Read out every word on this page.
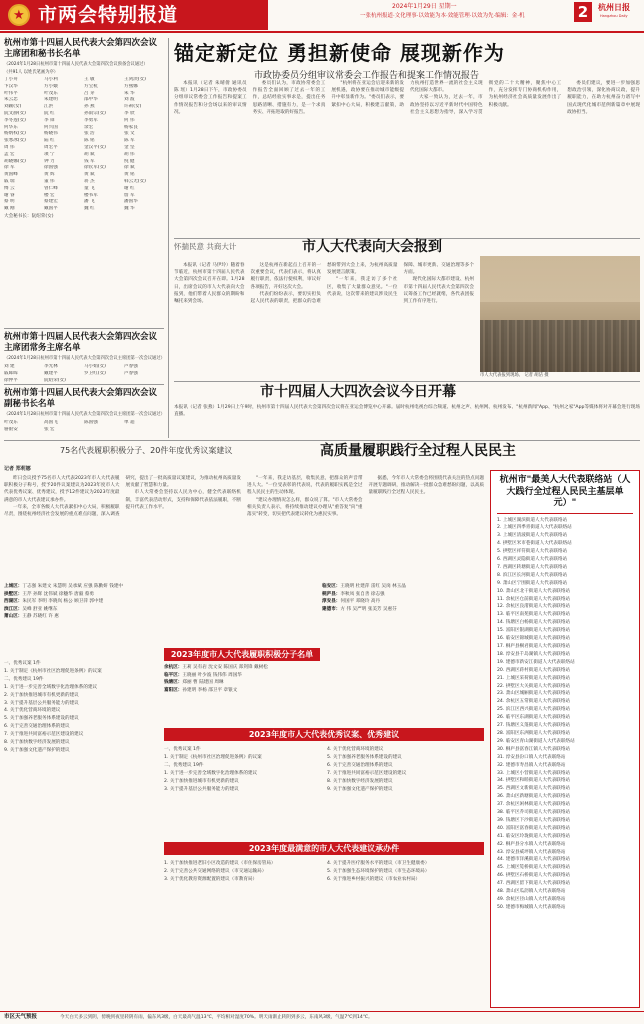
★
市两会特别报道	2024年1月29日 星期一
一张杭州报道·文化理事·以效能为本·效能管理·以效为先·编辑：金·机	2	杭州日报
Hangzhou Daily
杭州市第十四届人民代表大会第四次会议主席团和秘书长名单
（2024年1月28日杭州市第十四届人民代表大会第四次会议预备会议通过）
（共91人 以姓氏笔画为序）
丁小舟	马小利	王 敏	王剑淡(女)
卞汉华	方小娥	方宝杭	方燕娜
叶伟平	叶茂东	吕 芽	朱 华
朱云忠	朱建明	邵中华	刘 波
刘颖(女)	江洪	孙 燕	许莉(女)
阮文静(女)	阮 红	孙雨宗(女)	李 欣
李冬莲(女)	李 锋	李勇军	何 伟
何华东	何兴国	余宏	杨家良
杨炳权(女)	杨晓伟	张 浩	张 文
张寒冰(女)	陆 红	陈 铭	陈 军
周 伟	周宏平	金汉平(女)	金 坚
孟 宏	项 宁	胡 斌	胡 伟
胡晓娜(女)	钟 力	钱 军	倪 健
徐 军	徐国强	徐钦军(女)	徐 斌
黄国峰	黄 辉	黄 斌	黄 铭
戚 瑞	董 伟	蒋 杰	韩云尤(女)
傅 云	曾仁峰	童 飞	谢 红
谢 睿	楼 宏	楼书军	詹 军
蔡 明	蔡建宏	潘 飞	潘国华
戴 刚	戴国平	魏 红	魏 华
大会秘书长：阮绍荣(女)
杭州市第十四届人民代表大会第四次会议主席团常务主席名单
（2024年1月28日杭州市第十四届人民代表大会第四次会议主席团第一次会议通过）
刘 建	李光林	马小娟(女)	卢春强
戚晖晖	戴建平	罗卫红(女)	卢春强
徐仲平	阮绍荣(女)
杭州市第十四届人民代表大会第四次会议副秘书长名单
（2024年1月28日杭州市第十四届人民代表大会第四次会议主席团第一次会议通过）
叶茂东	高国飞	陈国强	单 超
骆银安	张 宏
锚定新定位 勇担新使命 展现新作为
市政协委员分组审议常委会工作报告和提案工作情况报告

本报讯（记者 朱晴倩 通讯员 陈 瑶）1月28日下午，市政协委员分组审议常委会工作报告和提案工作情况报告和分会场以来的审议情况。

委员们认为，市政协常委会工作报告全面回顾了过去一年的工作，总结经验实事求是，提出任务思路清晰、措施有力，是一个求真务实、开拓进取的好报告。

"杭州将在亚运会后迎来新的发展机遇，政协要在推动城市能级提升中彰显新作为。"委员们表示，要紧扣中心大局，积极建言献策，助力杭州打造世界一流的社会主义现代化国际大都市。

大家一致认为，过去一年，市政协坚持以习近平新时代中国特色社会主义思想为指导，深入学习贯彻党的二十大精神，聚焦中心工作，充分发挥专门协商机构作用，为杭州经济社会高质量发展作出了积极贡献。

委员们建议，要进一步加强思想政治引领，深化协商议政，提升履职能力，在助力杭州奋力谱写中国式现代化城市范例新篇章中展现政协担当。

怀揣民意 共商大计	市人大代表向大会报到

本报讯（记者 马伊玲）随着春节临近，杭州市第十四届人民代表大会第四次会议召开在即。1月28日，出席会议的市人大代表向大会报到，他们带着人民群众的期盼和嘱托来到会场。

这是杭州在新起点上召开的一次重要会议，代表们表示，将认真履行职责，依法行使权利，审议好各项报告，开好这次大会。

代表们纷纷表示，要切实担负起人民代表的职责，把群众的急难愁盼带到大会上来，为杭州高质量发展建言献策。

"一年来，我走访了多个社区，收集了大量群众意见。"一位代表说，这次带来的建议涉及民生保障、城市更新、交通治理等多个方面。

现代化国际大都市建设、杭州市第十四届人民代表大会第四次会议筹备工作已经就绪，各代表团报到工作有序进行。

市人大代表报到现场。 记者 胡洁 摄
市十四届人大四次会议今日开幕
本报讯（记者 张燕）1月29日上午9时，杭州市第十四届人民代表大会第四次会议将在亚运会博览中心开幕。届时杭州电视台综合频道、杭州之声、杭州网、杭州发布、"杭州新闻"App、"杭州之家"App等媒体将对开幕会进行现场直播。
75名代表履职积极分子、20件年度优秀议案建议	高质量履职践行全过程人民民主
记者 郑莉娜

昨日会议授予75名市人大代表2023年市人大代表履职积极分子称号，授予20件议案建议为2023年度市人大代表优秀议案、优秀建议，授予12件建议为2023年度最满意的市人大代表建议承办件。

一年来，全市各级人大代表紧扣中心大局，积极履职尽责，围绕杭州经济社会发展的重点难点问题，深入调查研究，提出了一批高质量议案建议，为推动杭州高质量发展贡献了智慧和力量。

市人大常委会坚持以人民为中心，健全代表联络机制，丰富代表活动形式，支持和保障代表依法履职，不断提升代表工作水平。

"一年来，我走访基层，收集民意，把群众的声音带进人大。"一位受表彰的代表说，代表的履职实践是全过程人民民主的生动体现。

"建议办理情况怎么样，群众说了算。"市人大常委会相关负责人表示，将持续推动建议办理从"重答复"向"重落实"转变，切实把代表建议转化为惠民实事。

据悉，今年市人大常委会将围绕代表关注的热点问题开展专题调研，推动解决一批群众急难愁盼问题，以高质量履职践行全过程人民民主。

上城区：丁志强 朱建文 朱慧明 吴承斌 应强 陈勤妍 钱建中
拱墅区：王芹 孙辉 沈伟斌 徐穗华 唐毅 蔡勇
西湖区：朱民军 李明 李晓岚 杨公 顾卫萍 郭中建
滨江区：吴峰 舒亚 姚继东
萧山区：王静 苏晓红 许 惠
2023年度市人大代表履职积极分子名单
余杭区：王莉 吴有岩 沈文安 陈国庆 郑剑锋 戴树松
临平区：王晓丽 叶少波 钱伟伟 周国华
钱塘区：郑丽 曹 陆建国 周琳
富阳区：孙建明 李杨 邵卫平 章银文
临安区：王晓明 杜建萍 雷红 吴岗 林玉晶
桐庐县：李秋凤 张自善 徐志强
淳安县：何国平 邓晓玲 高丹
建德市：方 伟 吴严明 张美芳 吴惠芬
一、优秀议案 1件
1. 关于制定《杭州市社区治理促进条例》的议案
二、优秀建议 19件
1. 关于进一步完善全域数字化治理体系的建议
2. 关于加快推进城市有机更新的建议
3. 关于提升基层公共服务能力的建议
4. 关于优化营商环境的建议
5. 关于加强养老服务体系建设的建议
6. 关于完善交通治理体系的建议
7. 关于推进共同富裕示范区建设的建议
8. 关于加快数字经济发展的建议
9. 关于加强文化遗产保护的建议
2023年度市人大代表优秀议案、优秀建议
一、优秀议案 1件
1. 关于制定《杭州市社区治理促进条例》的议案
二、优秀建议 19件
1. 关于进一步完善全域数字化治理体系的建议
2. 关于加快推进城市有机更新的建议
3. 关于提升基层公共服务能力的建议
4. 关于优化营商环境的建议
5. 关于加强养老服务体系建设的建议
6. 关于完善交通治理体系的建议
7. 关于推进共同富裕示范区建设的建议
8. 关于加快数字经济发展的建议
9. 关于加强文化遗产保护的建议
2023年度最满意的市人大代表建议承办件
1. 关于加快推进老旧小区改造的建议（市住保房管局）
2. 关于完善公共交通网络的建议（市交通运输局）
3. 关于优化教育资源配置的建议（市教育局）
4. 关于提升医疗服务水平的建议（市卫生健康委）
5. 关于加强生态环境保护的建议（市生态环境局）
6. 关于推进乡村振兴的建议（市农业农村局）
杭州市"最美人大代表联络站（人大践行全过程人民民主基层单元）"
1. 上城区湖滨街道人大代表联络站
2. 上城区四季青街道人大代表联络站
3. 上城区清波街道人大代表联络站
4. 拱墅区米市巷街道人大代表联络站
5. 拱墅区祥符街道人大代表联络站
6. 西湖区灵隐街道人大代表联络站
7. 西湖区转塘街道人大代表联络站
8. 滨江区长河街道人大代表联络站
9. 萧山区宁围街道人大代表联络站
10. 萧山区北干街道人大代表联络站
11. 余杭区仓前街道人大代表联络站
12. 余杭区良渚街道人大代表联络站
13. 临平区南苑街道人大代表联络站
14. 钱塘区白杨街道人大代表联络站
15. 富阳区银湖街道人大代表联络站
16. 临安区锦城街道人大代表联络站
17. 桐庐县桐君街道人大代表联络站
18. 淳安县千岛湖镇人大代表联络站
19. 建德市新安江街道人大代表联络站
20. 西湖区蒋村街道人大代表联络站
21. 上城区采荷街道人大代表联络站
22. 拱墅区大关街道人大代表联络站
23. 萧山区城厢街道人大代表联络站
24. 余杭区五常街道人大代表联络站
25. 滨江区西兴街道人大代表联络站
26. 临平区东湖街道人大代表联络站
27. 钱塘区义蓬街道人大代表联络站
28. 富阳区东洲街道人大代表联络站
29. 临安区青山湖街道人大代表联络站
30. 桐庐县富春江镇人大代表联络站
31. 淳安县汾口镇人大代表联络站
32. 建德市寿昌镇人大代表联络站
33. 上城区小营街道人大代表联络站
34. 拱墅区和睦街道人大代表联络站
35. 西湖区文新街道人大代表联络站
36. 萧山区新塘街道人大代表联络站
37. 余杭区闲林街道人大代表联络站
38. 临平区乔司街道人大代表联络站
39. 钱塘区下沙街道人大代表联络站
40. 富阳区富春街道人大代表联络站
41. 临安区玲珑街道人大代表联络站
42. 桐庐县分水镇人大代表联络站
43. 淳安县威坪镇人大代表联络站
44. 建德市洋溪街道人大代表联络站
45. 上城区笕桥街道人大代表联络站
46. 拱墅区石桥街道人大代表联络站
47. 西湖区留下街道人大代表联络站
48. 萧山区瓜沥镇人大代表联络站
49. 余杭区径山镇人大代表联络站
50. 建德市梅城镇人大代表联络站
市区天气预报	今天白天多云到阴，傍晚到夜里转阴有雨，偏东风3级，白天最高气温13℃，平均相对湿度70%。明天雨渐止转阴到多云，东南风3级，气温7℃到14℃。
